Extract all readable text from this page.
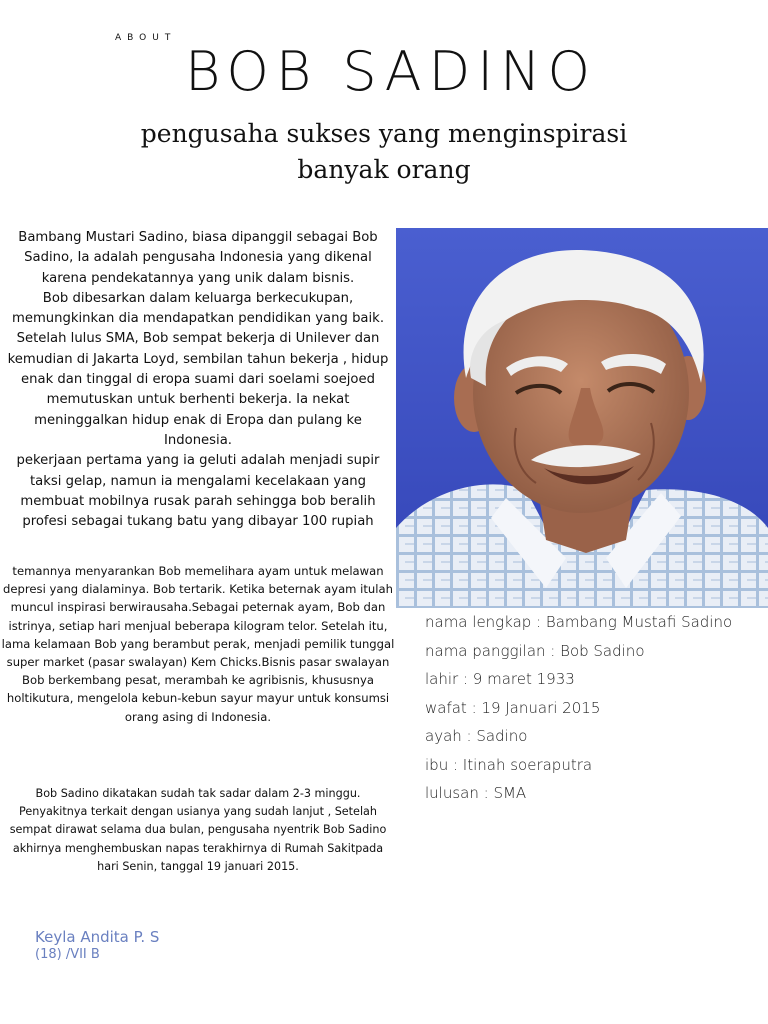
ABOUT
BOB SADINO
pengusaha sukses yang menginspirasi
banyak orang

Bambang Mustari Sadino, biasa dipanggil sebagai Bob Sadino, Ia adalah pengusaha Indonesia yang dikenal karena pendekatannya yang unik dalam bisnis.

Bob dibesarkan dalam keluarga berkecukupan, memungkinkan dia mendapatkan pendidikan yang baik. Setelah lulus SMA, Bob sempat bekerja di Unilever dan kemudian di Jakarta Loyd, sembilan tahun bekerja , hidup enak dan tinggal di eropa suami dari soelami soejoed memutuskan untuk berhenti bekerja. Ia nekat meninggalkan hidup enak di Eropa dan pulang ke Indonesia.

pekerjaan pertama yang ia geluti adalah menjadi supir taksi gelap, namun ia mengalami kecelakaan yang membuat mobilnya rusak parah sehingga bob beralih profesi sebagai tukang batu yang dibayar 100 rupiah

temannya menyarankan Bob memelihara ayam untuk melawan depresi yang dialaminya. Bob tertarik. Ketika beternak ayam itulah muncul inspirasi berwirausaha.Sebagai peternak ayam, Bob dan istrinya, setiap hari menjual beberapa kilogram telor. Setelah itu, lama kelamaan Bob yang berambut perak, menjadi pemilik tunggal super market (pasar swalayan) Kem Chicks.Bisnis pasar swalayan Bob berkembang pesat, merambah ke agribisnis, khususnya holtikutura, mengelola kebun-kebun sayur mayur untuk konsumsi orang asing di Indonesia.
Bob Sadino dikatakan sudah tak sadar dalam 2-3 minggu. Penyakitnya terkait dengan usianya yang sudah lanjut , Setelah sempat dirawat selama dua bulan, pengusaha nyentrik Bob Sadino akhirnya menghembuskan napas terakhirnya di Rumah Sakitpada hari Senin, tanggal 19 januari 2015.
nama lengkap : Bambang Mustafi Sadino
nama panggilan : Bob Sadino
lahir : 9 maret 1933
wafat : 19 Januari 2015
ayah : Sadino
ibu : Itinah soeraputra
lulusan : SMA
Keyla Andita P. S
(18) /VII B
